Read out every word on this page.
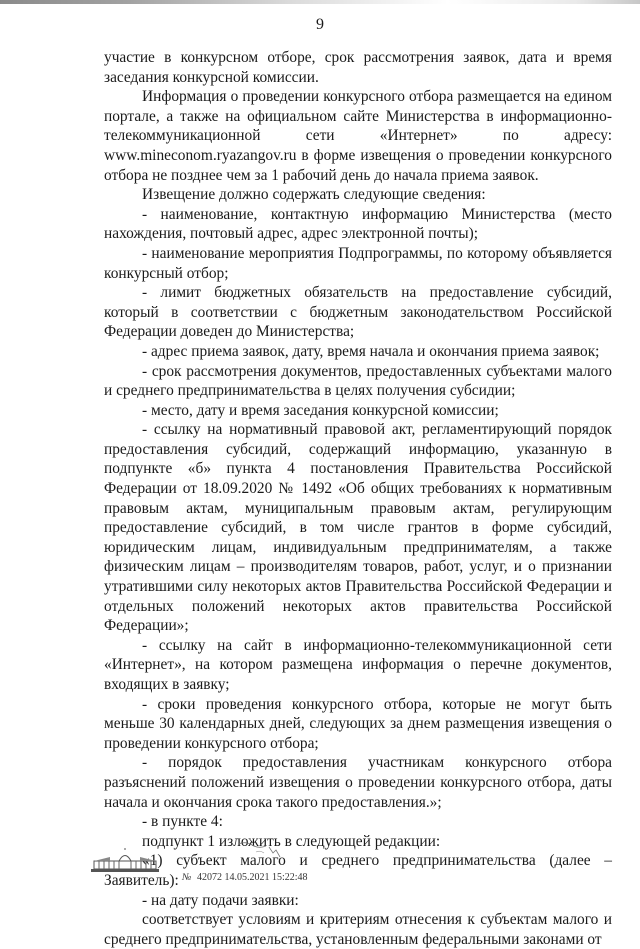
9

участие в конкурсном отборе, срок рассмотрения заявок, дата и время заседания конкурсной комиссии.

Информация о проведении конкурсного отбора размещается на едином портале, а также на официальном сайте Министерства в информационно-телекоммуникационной сети «Интернет» по адресу: www.mineconom.ryazangov.ru в форме извещения о проведении конкурсного отбора не позднее чем за 1 рабочий день до начала приема заявок.

Извещение должно содержать следующие сведения:

- наименование, контактную информацию Министерства (место нахождения, почтовый адрес, адрес электронной почты);

- наименование мероприятия Подпрограммы, по которому объявляется конкурсный отбор;

- лимит бюджетных обязательств на предоставление субсидий, который в соответствии с бюджетным законодательством Российской Федерации доведен до Министерства;

- адрес приема заявок, дату, время начала и окончания приема заявок;

- срок рассмотрения документов, предоставленных субъектами малого и среднего предпринимательства в целях получения субсидии;

- место, дату и время заседания конкурсной комиссии;

- ссылку на нормативный правовой акт, регламентирующий порядок предоставления субсидий, содержащий информацию, указанную в подпункте «б» пункта 4 постановления Правительства Российской Федерации от 18.09.2020 № 1492 «Об общих требованиях к нормативным правовым актам, муниципальным правовым актам, регулирующим предоставление субсидий, в том числе грантов в форме субсидий, юридическим лицам, индивидуальным предпринимателям, а также физическим лицам – производителям товаров, работ, услуг, и о признании утратившими силу некоторых актов Правительства Российской Федерации и отдельных положений некоторых актов правительства Российской Федерации»;

- ссылку на сайт в информационно-телекоммуникационной сети «Интернет», на котором размещена информация о перечне документов, входящих в заявку;

- сроки проведения конкурсного отбора, которые не могут быть меньше 30 календарных дней, следующих за днем размещения извещения о проведении конкурсного отбора;

- порядок предоставления участникам конкурсного отбора разъяснений положений извещения о проведении конкурсного отбора, даты начала и окончания срока такого предоставления.»;

- в пункте 4:

подпункт 1 изложить в следующей редакции:

«1) субъект малого и среднего предпринимательства (далее – Заявитель):

- на дату подачи заявки:

соответствует условиям и критериям отнесения к субъектам малого и среднего предпринимательства, установленным федеральными законами от

№ 42072 14.05.2021 15:22:48
